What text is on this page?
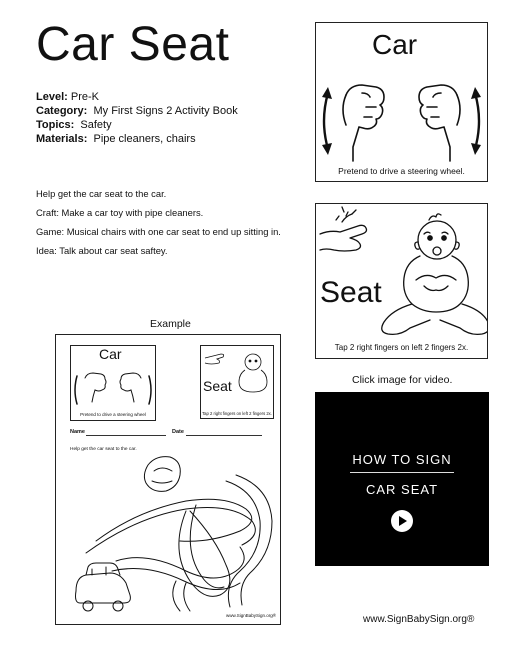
Car Seat
Level: Pre-K
Category: My First Signs 2 Activity Book
Topics: Safety
Materials: Pipe cleaners, chairs
Help get the car seat to the car.
Craft: Make a car toy with pipe cleaners.
Game: Musical chairs with one car seat to end up sitting in.
Idea: Talk about car seat saftey.
Car
Pretend to drive a steering wheel.
Seat
Tap 2 right fingers on left 2 fingers 2x.
Example
Car
Pretend to drive a steering wheel
Seat
Tap 2 right fingers on left 2 fingers 2x.
Name	Date
Help get the car seat to the car.
www.SignBabySign.org®
Click image for video.
HOW TO SIGN
CAR SEAT
www.SignBabySign.org®
